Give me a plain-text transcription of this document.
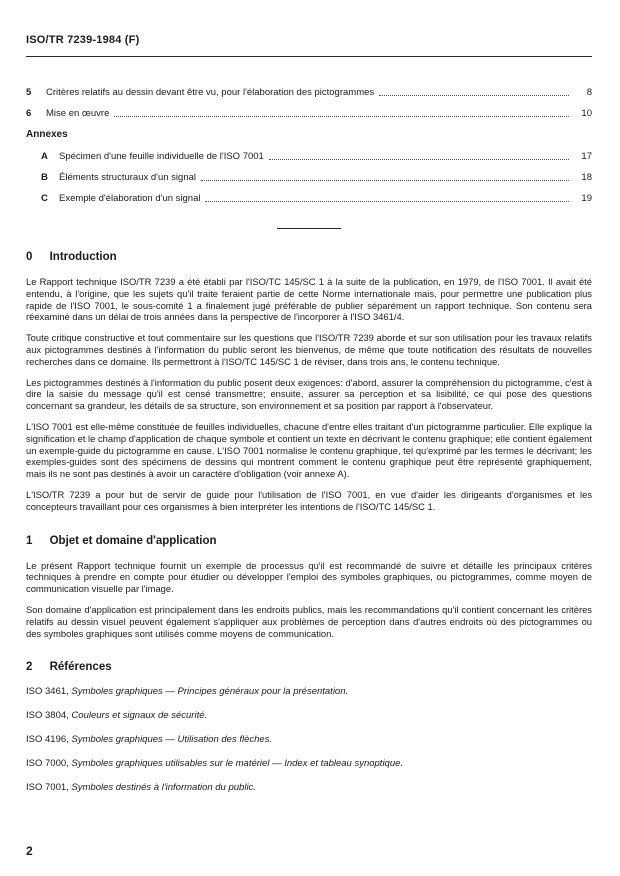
ISO/TR 7239-1984 (F)
5	Critères relatifs au dessin devant être vu, pour l'élaboration des pictogrammes	8
6	Mise en œuvre	10
Annexes
A	Spécimen d'une feuille individuelle de l'ISO 7001	17
B	Éléments structuraux d'un signal	18
C	Exemple d'élaboration d'un signal	19
0 Introduction

Le Rapport technique ISO/TR 7239 a été établi par l'ISO/TC 145/SC 1 à la suite de la publication, en 1979, de l'ISO 7001. Il avait été entendu, à l'origine, que les sujets qu'il traite feraient partie de cette Norme internationale mais, pour permettre une publication plus rapide de l'ISO 7001, le sous-comité 1 a finalement jugé préférable de publier séparément un rapport technique. Son contenu sera réexaminé dans un délai de trois années dans la perspective de l'incorporer à l'ISO 3461/4.

Toute critique constructive et tout commentaire sur les questions que l'ISO/TR 7239 aborde et sur son utilisation pour les travaux relatifs aux pictogrammes destinés à l'information du public seront les bienvenus, de même que toute notification des résultats de nouvelles recherches dans ce domaine. Ils permettront à l'ISO/TC 145/SC 1 de réviser, dans trois ans, le contenu technique.

Les pictogrammes destinés à l'information du public posent deux exigences: d'abord, assurer la compréhension du pictogramme, c'est à dire la saisie du message qu'il est censé transmettre; ensuite, assurer sa perception et sa lisibilité, ce qui pose des questions concernant sa grandeur, les détails de sa structure, son environnement et sa position par rapport à l'observateur.

L'ISO 7001 est elle-même constituée de feuilles individuelles, chacune d'entre elles traitant d'un pictogramme particulier. Elle explique la signification et le champ d'application de chaque symbole et contient un texte en décrivant le contenu graphique; elle contient également un exemple-guide du pictogramme en cause. L'ISO 7001 normalise le contenu graphique, tel qu'exprimé par les termes le décrivant; les exemples-guides sont des spécimens de dessins qui montrent comment le contenu graphique peut être représenté graphiquement, mais ils ne sont pas destinés à avoir un caractère d'obligation (voir annexe A).

L'ISO/TR 7239 a pour but de servir de guide pour l'utilisation de l'ISO 7001, en vue d'aider les dirigeants d'organismes et les concepteurs travaillant pour ces organismes à bien interpréter les intentions de l'ISO/TC 145/SC 1.

1 Objet et domaine d'application

Le présent Rapport technique fournit un exemple de processus qu'il est recommandé de suivre et détaille les principaux critères techniques à prendre en compte pour étudier ou développer l'emploi des symboles graphiques, ou pictogrammes, comme moyen de communication visuelle par l'image.

Son domaine d'application est principalement dans les endroits publics, mais les recommandations qu'il contient concernant les critères relatifs au dessin visuel peuvent également s'appliquer aux problèmes de perception dans d'autres endroits où des pictogrammes ou des symboles graphiques sont utilisés comme moyens de communication.

2 Références

ISO 3461, Symboles graphiques — Principes généraux pour la présentation.

ISO 3804, Couleurs et signaux de sécurité.

ISO 4196, Symboles graphiques — Utilisation des flèches.

ISO 7000, Symboles graphiques utilisables sur le matériel — Index et tableau synoptique.

ISO 7001, Symboles destinés à l'information du public.

2
